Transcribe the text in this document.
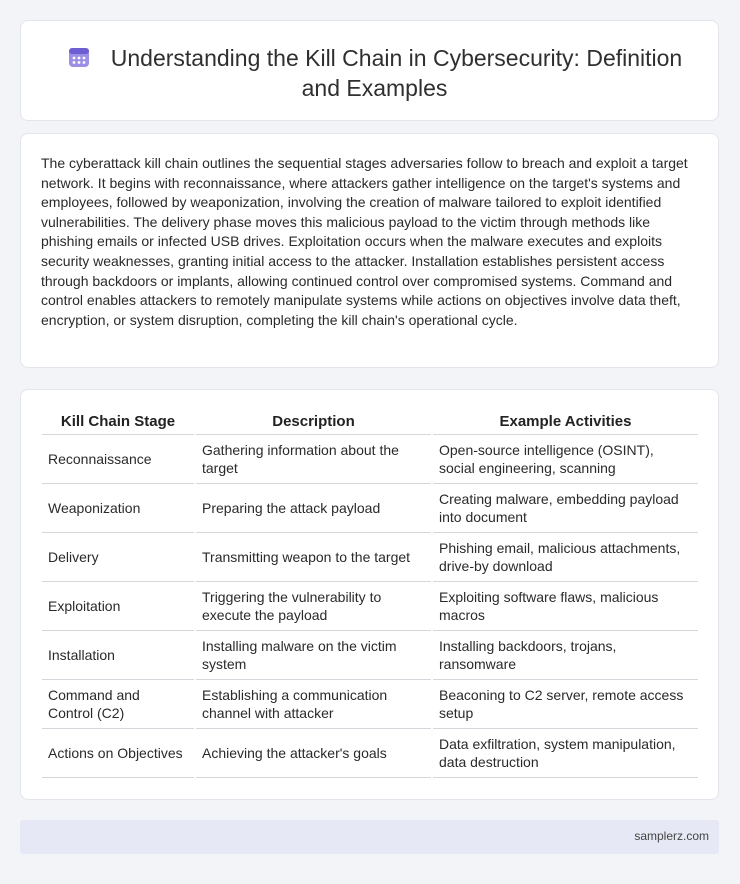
Understanding the Kill Chain in Cybersecurity: Definition and Examples

The cyberattack kill chain outlines the sequential stages adversaries follow to breach and exploit a target network. It begins with reconnaissance, where attackers gather intelligence on the target's systems and employees, followed by weaponization, involving the creation of malware tailored to exploit identified vulnerabilities. The delivery phase moves this malicious payload to the victim through methods like phishing emails or infected USB drives. Exploitation occurs when the malware executes and exploits security weaknesses, granting initial access to the attacker. Installation establishes persistent access through backdoors or implants, allowing continued control over compromised systems. Command and control enables attackers to remotely manipulate systems while actions on objectives involve data theft, encryption, or system disruption, completing the kill chain's operational cycle.

Kill Chain Stage	Description	Example Activities
Reconnaissance	Gathering information about the target	Open-source intelligence (OSINT), social engineering, scanning
Weaponization	Preparing the attack payload	Creating malware, embedding payload into document
Delivery	Transmitting weapon to the target	Phishing email, malicious attachments, drive-by download
Exploitation	Triggering the vulnerability to execute the payload	Exploiting software flaws, malicious macros
Installation	Installing malware on the victim system	Installing backdoors, trojans, ransomware
Command and Control (C2)	Establishing a communication channel with attacker	Beaconing to C2 server, remote access setup
Actions on Objectives	Achieving the attacker's goals	Data exfiltration, system manipulation, data destruction
samplerz.com
